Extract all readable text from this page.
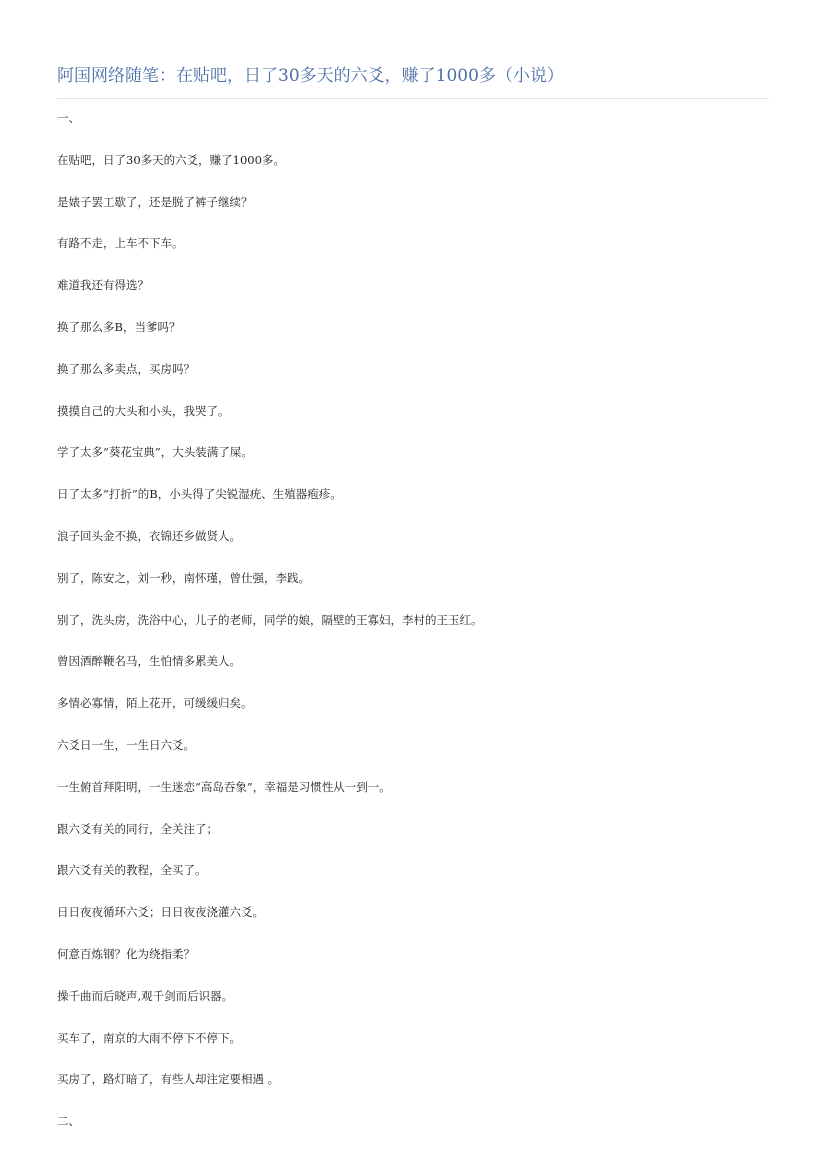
阿国网络随笔：在贴吧，日了30多天的六爻，赚了1000多（小说）

一、

在贴吧，日了30多天的六爻，赚了1000多。

是婊子罢工歇了，还是脱了裤子继续？

有路不走，上车不下车。

难道我还有得选？

换了那么多B，当爹吗？

换了那么多卖点，买房吗？

摸摸自己的大头和小头，我哭了。

学了太多“葵花宝典”，大头装满了屎。

日了太多“打折”的B，小头得了尖锐湿疣、生殖器疱疹。

浪子回头金不换，衣锦还乡做贤人。

别了，陈安之，刘一秒，南怀瑾，曾仕强，李践。

别了，洗头房，洗浴中心，儿子的老师，同学的娘，隔壁的王寡妇，李村的王玉红。

曾因酒醉鞭名马，生怕情多累美人。

多情必寡情，陌上花开，可缓缓归矣。

六爻日一生，一生日六爻。

一生俯首拜阳明，一生迷恋“高岛吞象”，幸福是习惯性从一到一。

跟六爻有关的同行，全关注了；

跟六爻有关的教程，全买了。

日日夜夜循环六爻；日日夜夜浇灌六爻。

何意百炼钢？化为绕指柔？

操千曲而后晓声,观千剑而后识器。

买车了，南京的大雨不停下不停下。

买房了，路灯暗了，有些人却注定要相遇 。

二、
